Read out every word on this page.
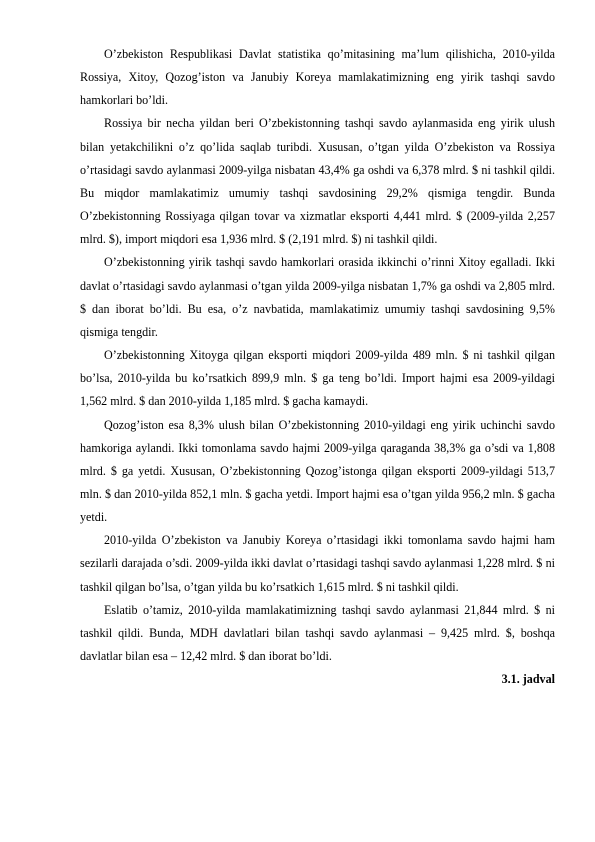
O’zbekiston Respublikasi Davlat statistika qo’mitasining ma’lum qilishicha, 2010-yilda Rossiya, Xitoy, Qozog’iston va Janubiy Koreya mamlakatimizning eng yirik tashqi savdo hamkorlari bo’ldi.

Rossiya bir necha yildan beri O’zbekistonning tashqi savdo aylanmasida eng yirik ulush bilan yetakchilikni o’z qo’lida saqlab turibdi. Xususan, o’tgan yilda O’zbekiston va Rossiya o’rtasidagi savdo aylanmasi 2009-yilga nisbatan 43,4% ga oshdi va 6,378 mlrd. $ ni tashkil qildi. Bu miqdor mamlakatimiz umumiy tashqi savdosining 29,2% qismiga tengdir. Bunda O’zbekistonning Rossiyaga qilgan tovar va xizmatlar eksporti 4,441 mlrd. $ (2009-yilda 2,257 mlrd. $), import miqdori esa 1,936 mlrd. $ (2,191 mlrd. $) ni tashkil qildi.

O’zbekistonning yirik tashqi savdo hamkorlari orasida ikkinchi o’rinni Xitoy egalladi. Ikki davlat o’rtasidagi savdo aylanmasi o’tgan yilda 2009-yilga nisbatan 1,7% ga oshdi va 2,805 mlrd. $ dan iborat bo’ldi. Bu esa, o’z navbatida, mamlakatimiz umumiy tashqi savdosining 9,5% qismiga tengdir.

O’zbekistonning Xitoyga qilgan eksporti miqdori 2009-yilda 489 mln. $ ni tashkil qilgan bo’lsa, 2010-yilda bu ko’rsatkich 899,9 mln. $ ga teng bo’ldi. Import hajmi esa 2009-yildagi 1,562 mlrd. $ dan 2010-yilda 1,185 mlrd. $ gacha kamaydi.

Qozog’iston esa 8,3% ulush bilan O’zbekistonning 2010-yildagi eng yirik uchinchi savdo hamkoriga aylandi. Ikki tomonlama savdo hajmi 2009-yilga qaraganda 38,3% ga o’sdi va 1,808 mlrd. $ ga yetdi. Xususan, O’zbekistonning Qozog’istonga qilgan eksporti 2009-yildagi 513,7 mln. $ dan 2010-yilda 852,1 mln. $ gacha yetdi. Import hajmi esa o’tgan yilda 956,2 mln. $ gacha yetdi.

2010-yilda O’zbekiston va Janubiy Koreya o’rtasidagi ikki tomonlama savdo hajmi ham sezilarli darajada o’sdi. 2009-yilda ikki davlat o’rtasidagi tashqi savdo aylanmasi 1,228 mlrd. $ ni tashkil qilgan bo’lsa, o’tgan yilda bu ko’rsatkich 1,615 mlrd. $ ni tashkil qildi.

Eslatib o’tamiz, 2010-yilda mamlakatimizning tashqi savdo aylanmasi 21,844 mlrd. $ ni tashkil qildi. Bunda, MDH davlatlari bilan tashqi savdo aylanmasi – 9,425 mlrd. $, boshqa davlatlar bilan esa – 12,42 mlrd. $ dan iborat bo’ldi.

3.1. jadval
